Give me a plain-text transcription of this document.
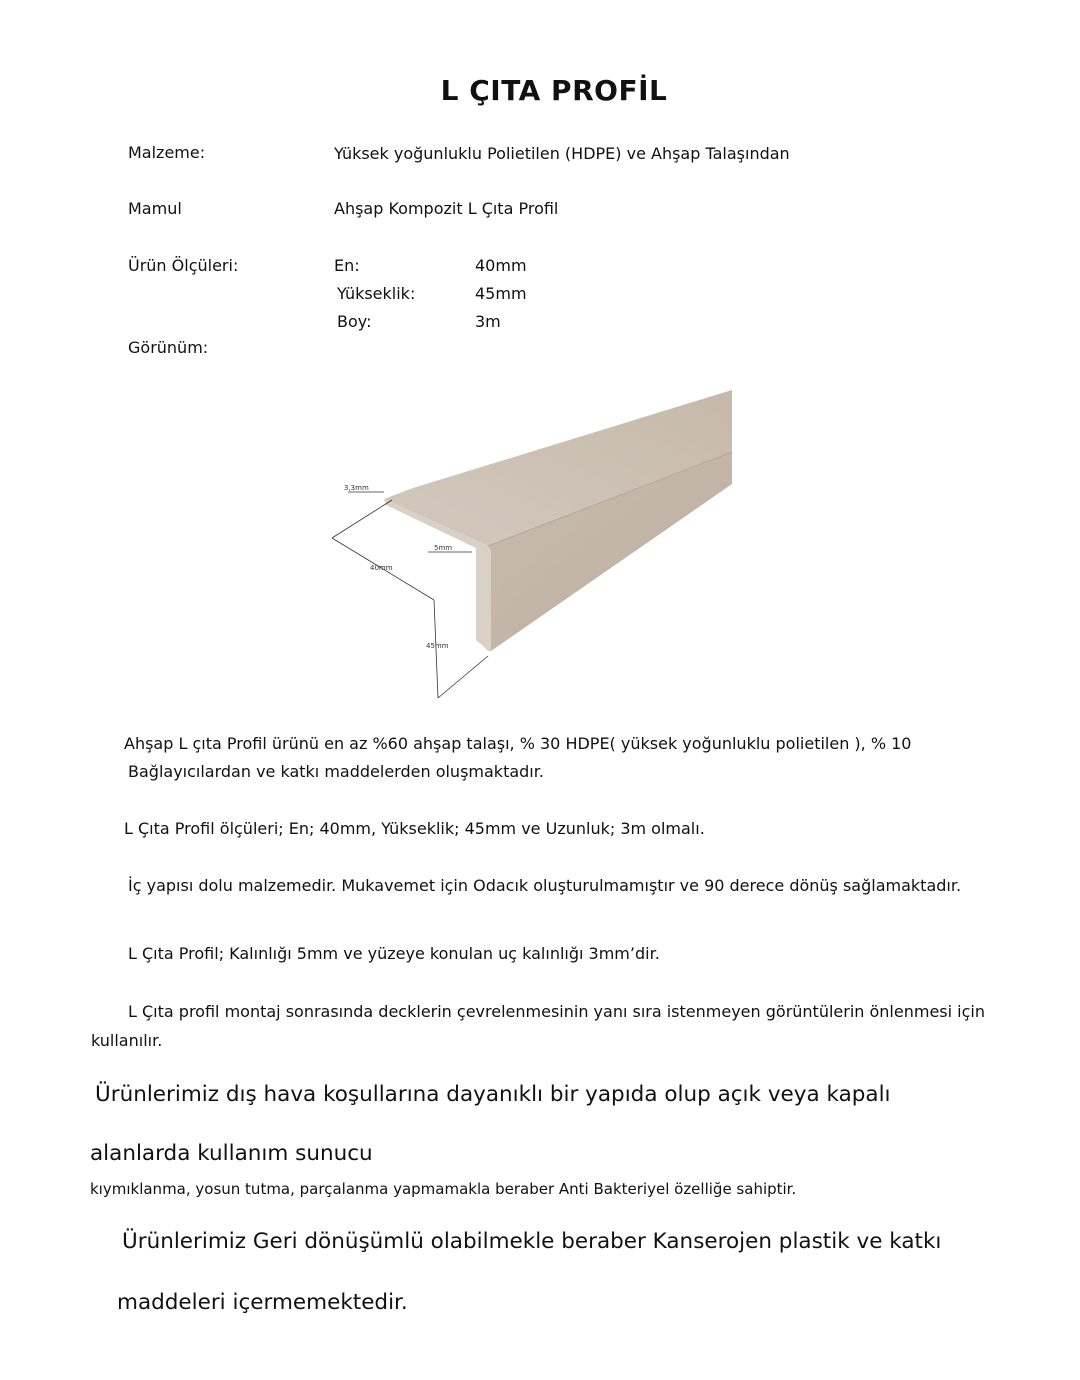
L ÇITA PROFİL
Malzeme:	Yüksek yoğunluklu Polietilen (HDPE) ve Ahşap Talaşından
Mamul	Ahşap Kompozit L Çıta Profil
Ürün Ölçüleri:	En:	40mm
Yükseklik:	45mm
Boy:	3m
Görünüm:
3,3mm
40mm
5mm
45mm
Ahşap L çıta Profil ürünü en az %60 ahşap talaşı, % 30 HDPE( yüksek yoğunluklu polietilen ), % 10
Bağlayıcılardan ve katkı maddelerden oluşmaktadır.
L Çıta Profil ölçüleri; En; 40mm, Yükseklik; 45mm ve Uzunluk; 3m olmalı.
İç yapısı dolu malzemedir. Mukavemet için Odacık oluşturulmamıştır ve 90 derece dönüş sağlamaktadır.
L Çıta Profil; Kalınlığı 5mm ve yüzeye konulan uç kalınlığı 3mm’dir.
L Çıta profil montaj sonrasında decklerin çevrelenmesinin yanı sıra istenmeyen görüntülerin önlenmesi için
kullanılır.
Ürünlerimiz dış hava koşullarına dayanıklı bir yapıda olup açık veya kapalı
alanlarda kullanım sunucu
kıymıklanma, yosun tutma, parçalanma yapmamakla beraber Anti Bakteriyel özelliğe sahiptir.
Ürünlerimiz Geri dönüşümlü olabilmekle beraber Kanserojen plastik ve katkı
maddeleri içermemektedir.
